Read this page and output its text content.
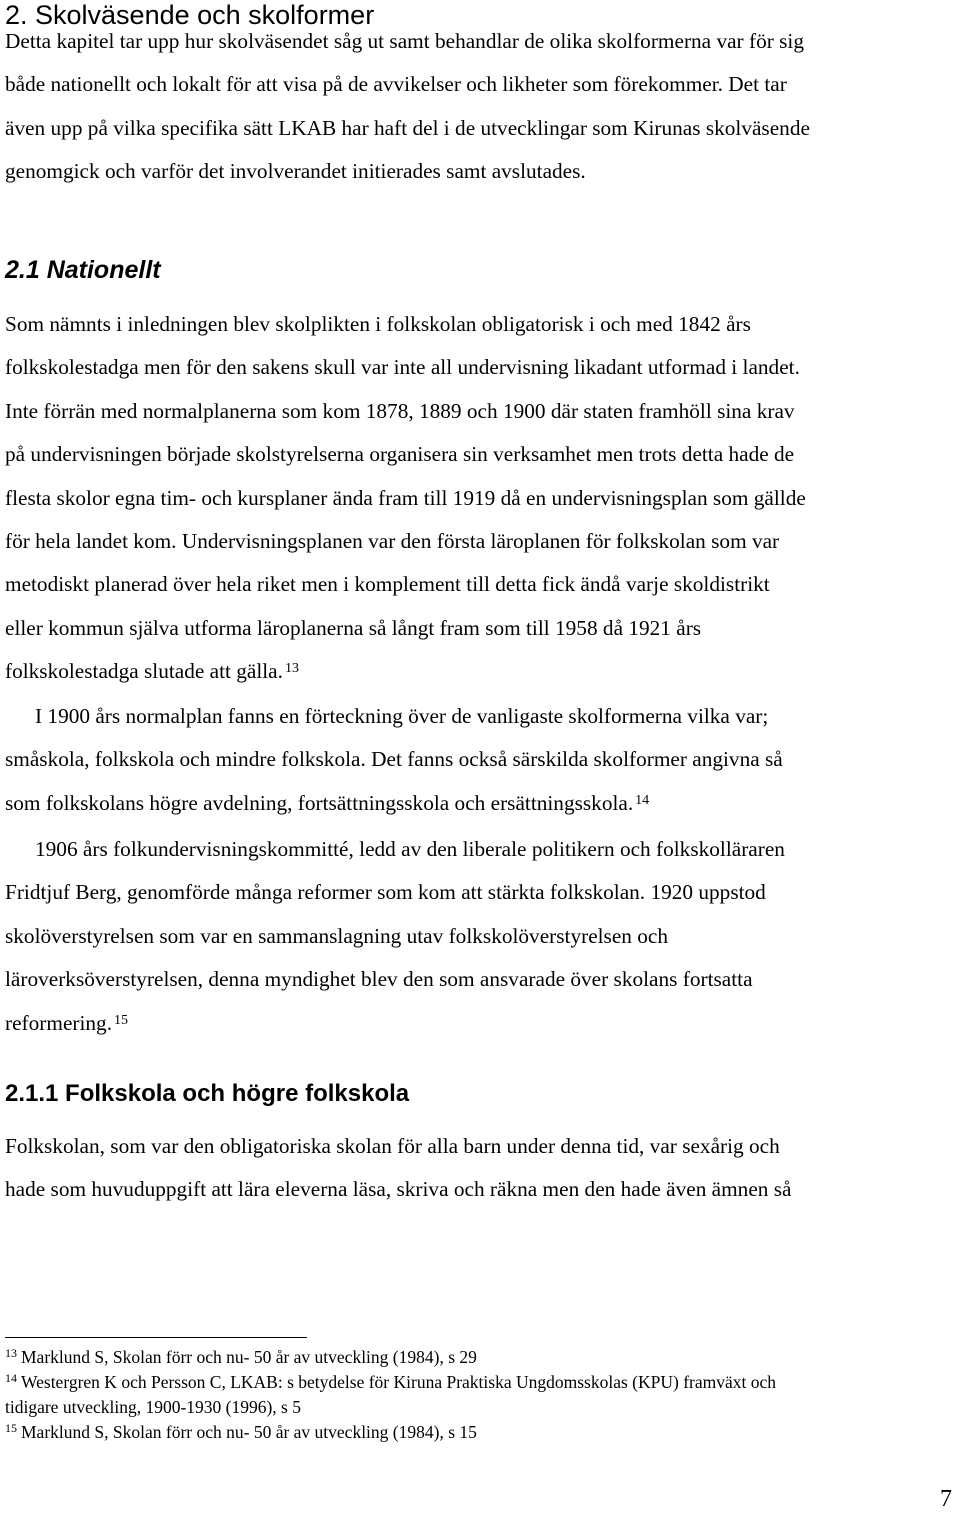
2. Skolväsende och skolformer
Detta kapitel tar upp hur skolväsendet såg ut samt behandlar de olika skolformerna var för sig
både nationellt och lokalt för att visa på de avvikelser och likheter som förekommer. Det tar
även upp på vilka specifika sätt LKAB har haft del i de utvecklingar som Kirunas skolväsende
genomgick och varför det involverandet initierades samt avslutades.
2.1 Nationellt
Som nämnts i inledningen blev skolplikten i folkskolan obligatorisk i och med 1842 års
folkskolestadga men för den sakens skull var inte all undervisning likadant utformad i landet.
Inte förrän med normalplanerna som kom 1878, 1889 och 1900 där staten framhöll sina krav
på undervisningen började skolstyrelserna organisera sin verksamhet men trots detta hade de
flesta skolor egna tim- och kursplaner ända fram till 1919 då en undervisningsplan som gällde
för hela landet kom. Undervisningsplanen var den första läroplanen för folkskolan som var
metodiskt planerad över hela riket men i komplement till detta fick ändå varje skoldistrikt
eller kommun själva utforma läroplanerna så långt fram som till 1958 då 1921 års
folkskolestadga slutade att gälla. $^{13}$
I 1900 års normalplan fanns en förteckning över de vanligaste skolformerna vilka var;
småskola, folkskola och mindre folkskola. Det fanns också särskilda skolformer angivna så
som folkskolans högre avdelning, fortsättningsskola och ersättningsskola. $^{14}$
1906 års folkundervisningskommitté, ledd av den liberale politikern och folkskolläraren
Fridtjuf Berg, genomförde många reformer som kom att stärkta folkskolan. 1920 uppstod
skolöverstyrelsen som var en sammanslagning utav folkskolöverstyrelsen och
läroverksöverstyrelsen, denna myndighet blev den som ansvarade över skolans fortsatta
reformering. $^{15}$
2.1.1 Folkskola och högre folkskola
Folkskolan, som var den obligatoriska skolan för alla barn under denna tid, var sexårig och
hade som huvuduppgift att lära eleverna läsa, skriva och räkna men den hade även ämnen så
$^{13}$ Marklund S, Skolan förr och nu- 50 år av utveckling (1984), s 29
$^{14}$ Westergren K och Persson C, LKAB: s betydelse för Kiruna Praktiska Ungdomsskolas (KPU) framväxt och
tidigare utveckling, 1900-1930 (1996), s 5
$^{15}$ Marklund S, Skolan förr och nu- 50 år av utveckling (1984), s 15
7
